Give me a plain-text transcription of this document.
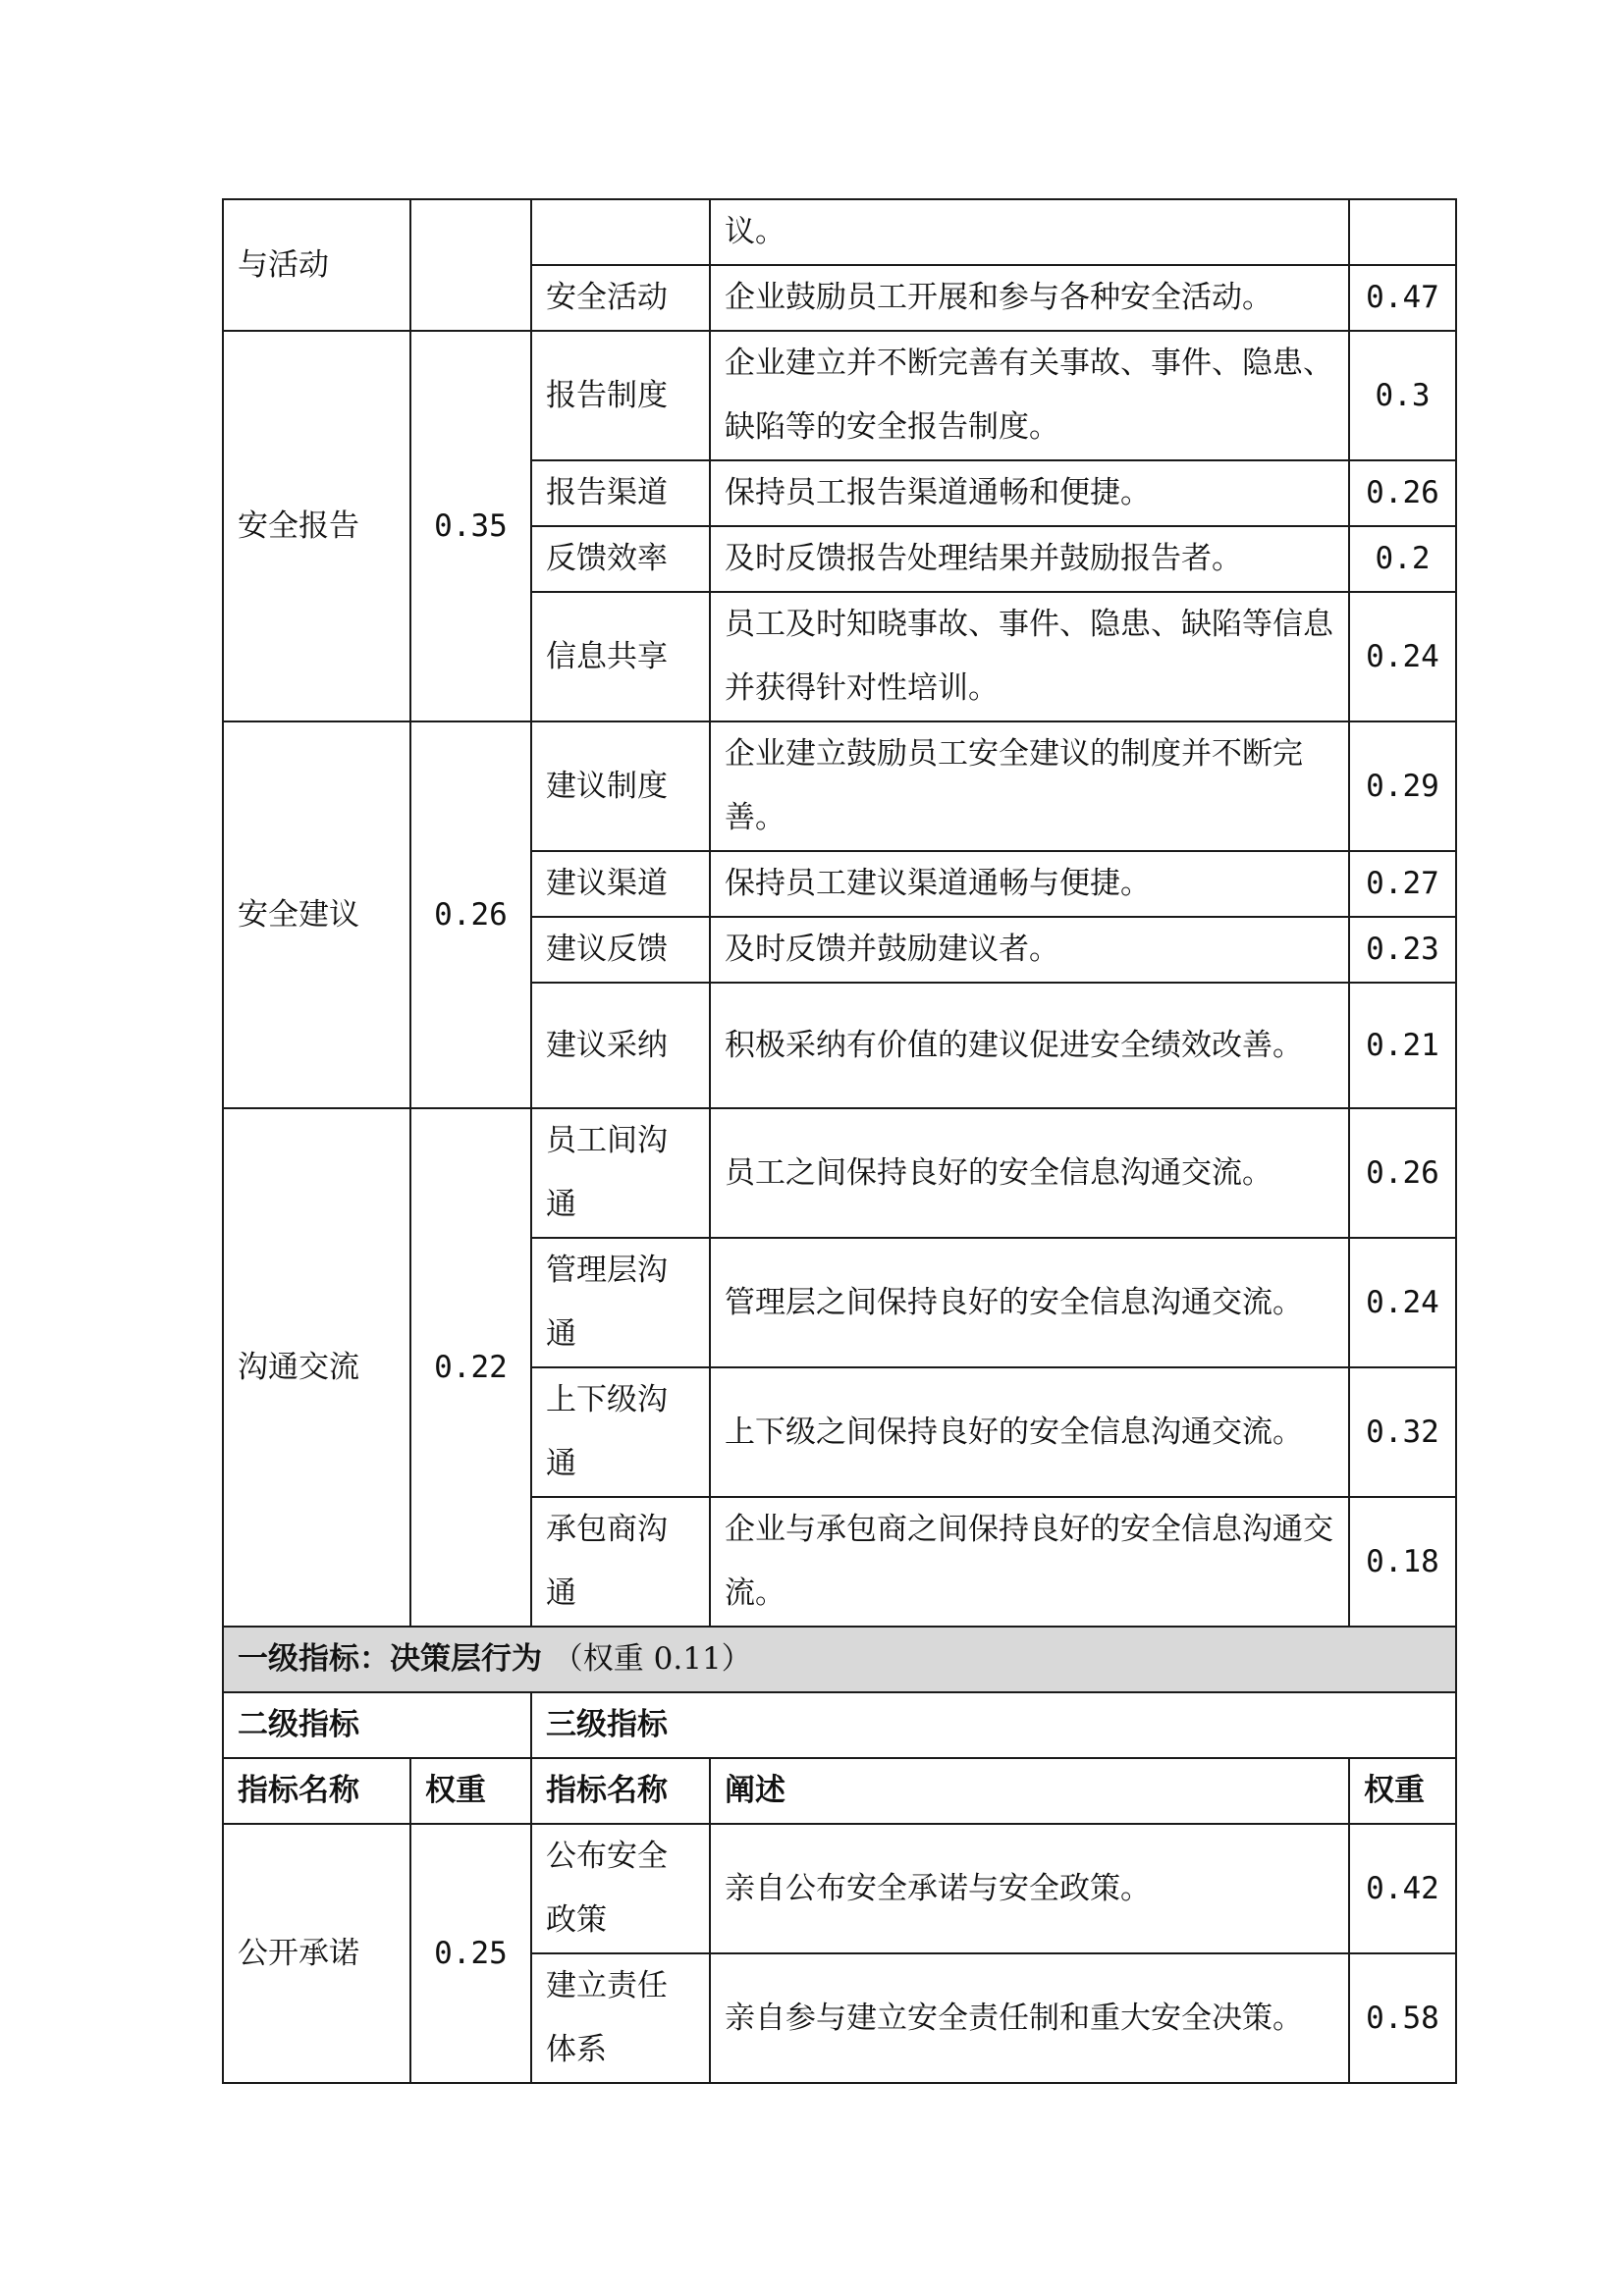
与活动			议。	
		安全活动	企业鼓励员工开展和参与各种安全活动。	0.47
安全报告	0.35	报告制度	企业建立并不断完善有关事故、事件、隐患、缺陷等的安全报告制度。	0.3
		报告渠道	保持员工报告渠道通畅和便捷。	0.26
		反馈效率	及时反馈报告处理结果并鼓励报告者。	0.2
		信息共享	员工及时知晓事故、事件、隐患、缺陷等信息并获得针对性培训。	0.24
安全建议	0.26	建议制度	企业建立鼓励员工安全建议的制度并不断完善。	0.29
		建议渠道	保持员工建议渠道通畅与便捷。	0.27
		建议反馈	及时反馈并鼓励建议者。	0.23
		建议采纳	积极采纳有价值的建议促进安全绩效改善。	0.21
沟通交流	0.22	员工间沟通	员工之间保持良好的安全信息沟通交流。	0.26
		管理层沟通	管理层之间保持良好的安全信息沟通交流。	0.24
		上下级沟通	上下级之间保持良好的安全信息沟通交流。	0.32
		承包商沟通	企业与承包商之间保持良好的安全信息沟通交流。	0.18
一级指标：决策层行为 （权重 0.11）				
二级指标		三级指标		
指标名称	权重	指标名称	阐述	权重
公开承诺	0.25	公布安全政策	亲自公布安全承诺与安全政策。	0.42
		建立责任体系	亲自参与建立安全责任制和重大安全决策。	0.58
